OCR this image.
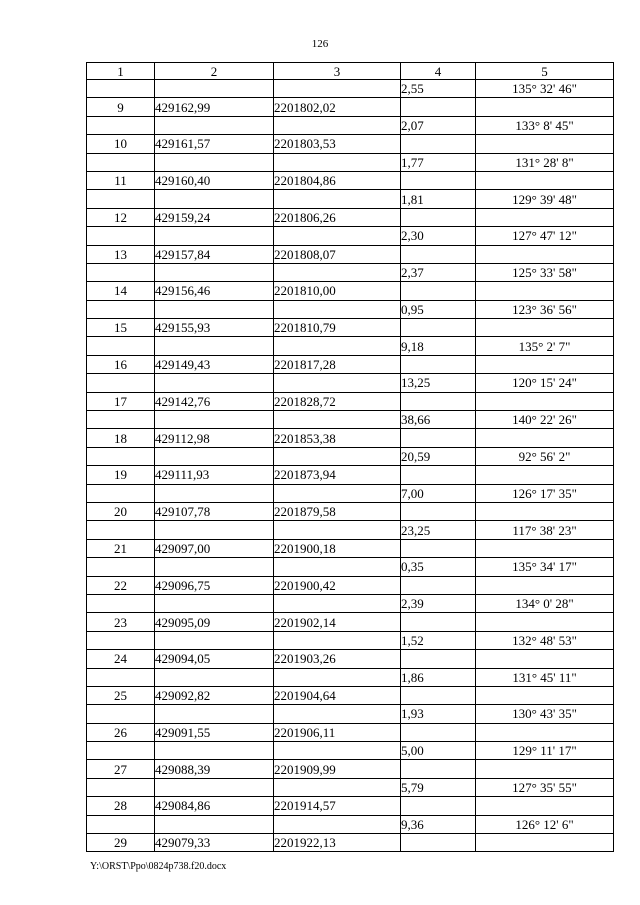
126
1	2	3	4	5
			2,55	135° 32' 46"
9	429162,99	2201802,02		
			2,07	133° 8' 45"
10	429161,57	2201803,53		
			1,77	131° 28' 8"
11	429160,40	2201804,86		
			1,81	129° 39' 48"
12	429159,24	2201806,26		
			2,30	127° 47' 12"
13	429157,84	2201808,07		
			2,37	125° 33' 58"
14	429156,46	2201810,00		
			0,95	123° 36' 56"
15	429155,93	2201810,79		
			9,18	135° 2' 7"
16	429149,43	2201817,28		
			13,25	120° 15' 24"
17	429142,76	2201828,72		
			38,66	140° 22' 26"
18	429112,98	2201853,38		
			20,59	92° 56' 2"
19	429111,93	2201873,94		
			7,00	126° 17' 35"
20	429107,78	2201879,58		
			23,25	117° 38' 23"
21	429097,00	2201900,18		
			0,35	135° 34' 17"
22	429096,75	2201900,42		
			2,39	134° 0' 28"
23	429095,09	2201902,14		
			1,52	132° 48' 53"
24	429094,05	2201903,26		
			1,86	131° 45' 11"
25	429092,82	2201904,64		
			1,93	130° 43' 35"
26	429091,55	2201906,11		
			5,00	129° 11' 17"
27	429088,39	2201909,99		
			5,79	127° 35' 55"
28	429084,86	2201914,57		
			9,36	126° 12' 6"
29	429079,33	2201922,13		
Y:\ORST\Ppo\0824p738.f20.docx
